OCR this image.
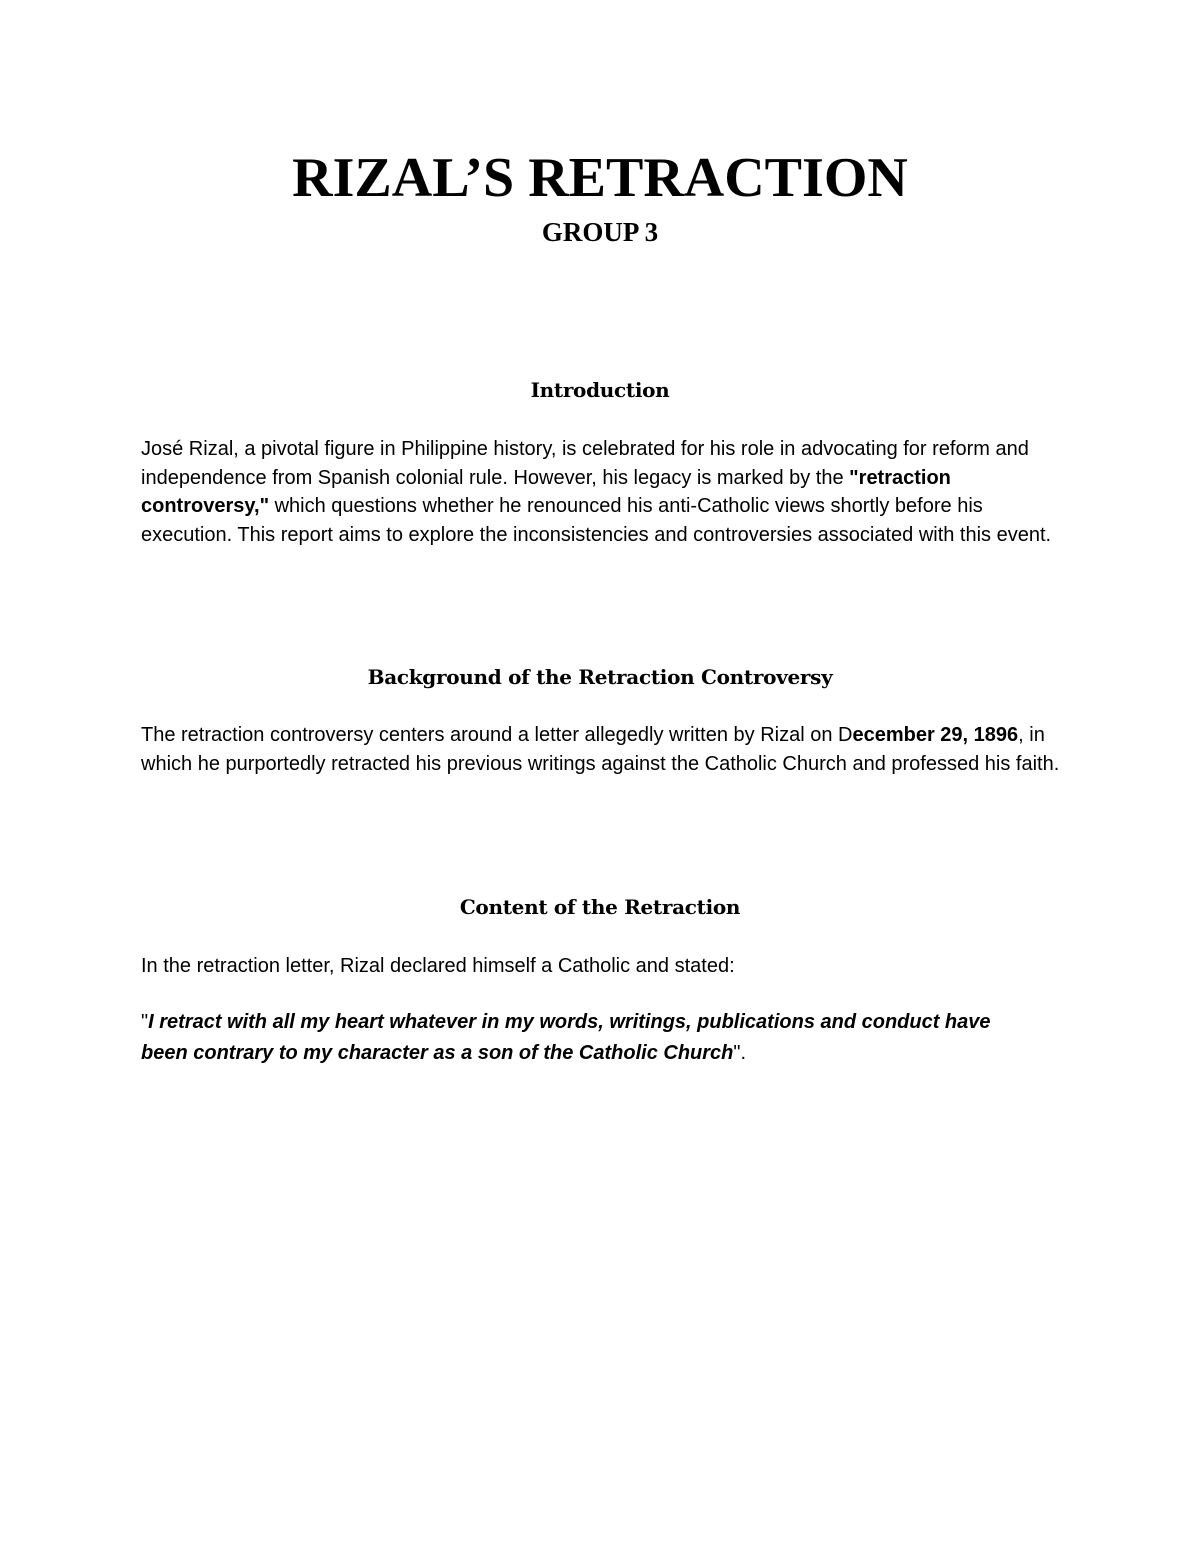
RIZAL’S RETRACTION
GROUP 3
Introduction

José Rizal, a pivotal figure in Philippine history, is celebrated for his role in advocating for reform and independence from Spanish colonial rule. However, his legacy is marked by the "retraction controversy," which questions whether he renounced his anti-Catholic views shortly before his execution. This report aims to explore the inconsistencies and controversies associated with this event.

Background of the Retraction Controversy

The retraction controversy centers around a letter allegedly written by Rizal on December 29, 1896, in which he purportedly retracted his previous writings against the Catholic Church and professed his faith.

Content of the Retraction

In the retraction letter, Rizal declared himself a Catholic and stated:

"I retract with all my heart whatever in my words, writings, publications and conduct have been contrary to my character as a son of the Catholic Church".
